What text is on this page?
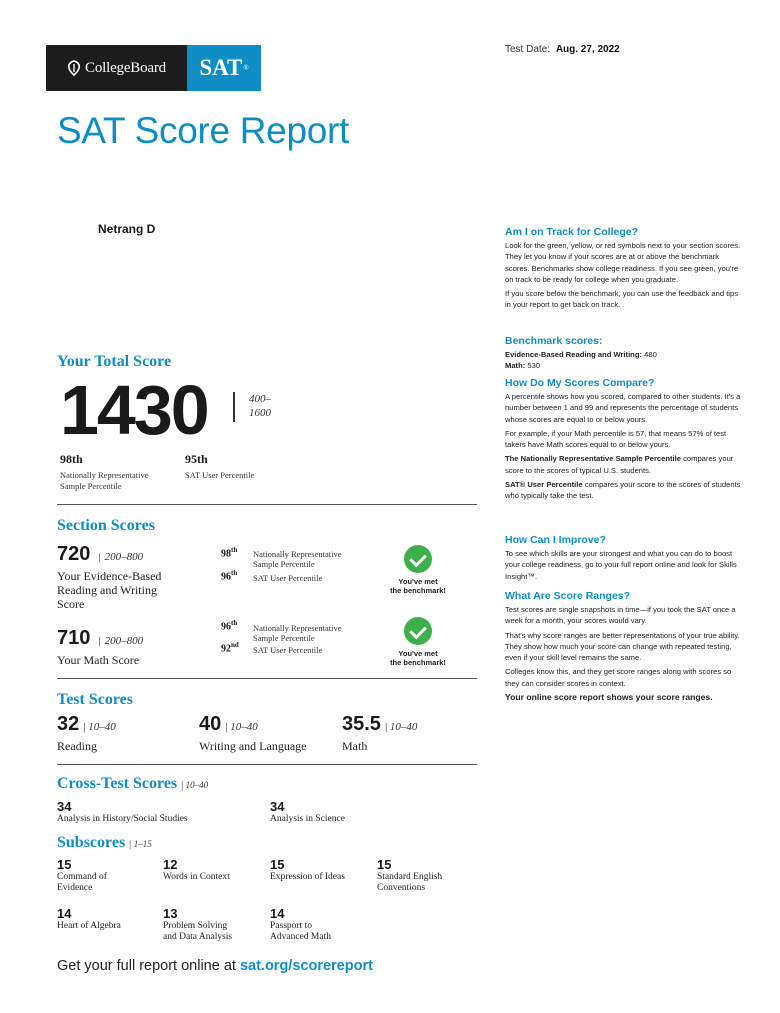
CollegeBoard SAT ®
Test Date: Aug. 27, 2022
SAT Score Report
Netrang D
Your Total Score
1430	400–
1600
98th
Nationally Representative
Sample Percentile
95th
SAT User Percentile
Section Scores
720 | 200–800
Your Evidence-Based
Reading and Writing
Score
98th Nationally Representative
Sample Percentile
96th SAT User Percentile	You've met
the benchmark!
710 | 200–800
Your Math Score
96th Nationally Representative
Sample Percentile
92nd SAT User Percentile	You've met
the benchmark!
Test Scores
32 | 10–40
Reading
40 | 10–40
Writing and Language
35.5 | 10–40
Math
Cross-Test Scores | 10–40
34
Analysis in History/Social Studies
34
Analysis in Science
Subscores | 1–15
15
Command of
Evidence
12
Words in Context
15
Expression of Ideas
15
Standard English
Conventions
14
Heart of Algebra
13
Problem Solving
and Data Analysis
14
Passport to
Advanced Math
Get your full report online at sat.org/scorereport
Am I on Track for College?
Look for the green, yellow, or red symbols next to your section scores. They let you know if your scores are at or above the benchmark scores. Benchmarks show college readiness. If you see green, you're on track to be ready for college when you graduate.
If you score below the benchmark, you can use the feedback and tips in your report to get back on track.
Benchmark scores:
Evidence-Based Reading and Writing: 480
Math: 530
How Do My Scores Compare?
A percentile shows how you scored, compared to other students. It's a number between 1 and 99 and represents the percentage of students whose scores are equal to or below yours.
For example, if your Math percentile is 57, that means 57% of test takers have Math scores equal to or below yours.
The Nationally Representative Sample Percentile compares your score to the scores of typical U.S. students.
SAT® User Percentile compares your score to the scores of students who typically take the test.
How Can I Improve?
To see which skills are your strongest and what you can do to boost your college readiness, go to your full report online and look for Skills Insight™.
What Are Score Ranges?
Test scores are single snapshots in time—if you took the SAT once a week for a month, your scores would vary.
That's why score ranges are better representations of your true ability. They show how much your score can change with repeated testing, even if your skill level remains the same.
Colleges know this, and they get score ranges along with scores so they can consider scores in context.
Your online score report shows your score ranges.
